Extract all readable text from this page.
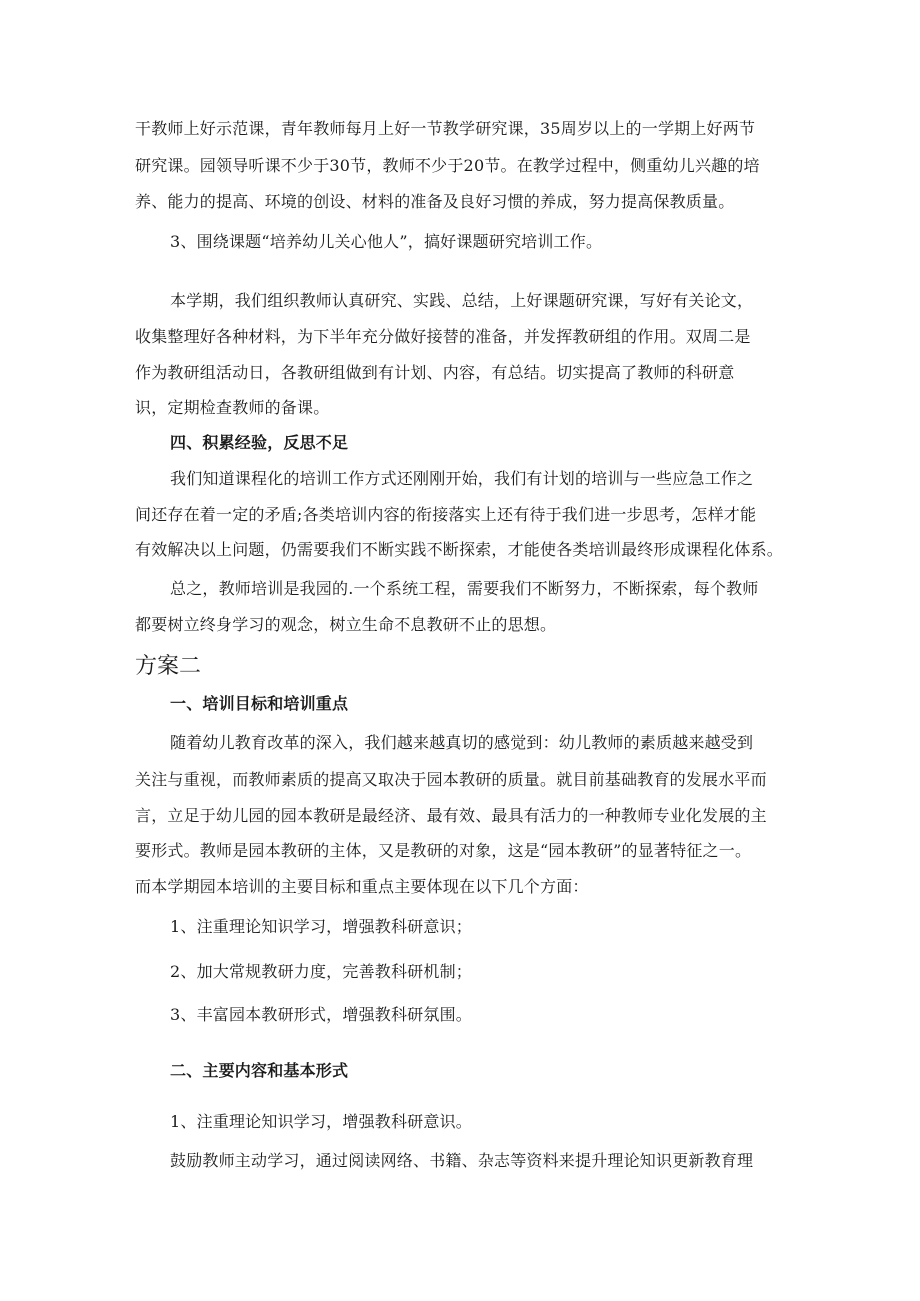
干教师上好示范课，青年教师每月上好一节教学研究课，35周岁以上的一学期上好两节
研究课。园领导听课不少于30节，教师不少于20节。在教学过程中，侧重幼儿兴趣的培
养、能力的提高、环境的创设、材料的准备及良好习惯的养成，努力提高保教质量。
3、围绕课题“培养幼儿关心他人”，搞好课题研究培训工作。
本学期，我们组织教师认真研究、实践、总结，上好课题研究课，写好有关论文，
收集整理好各种材料，为下半年充分做好接替的准备，并发挥教研组的作用。双周二是
作为教研组活动日，各教研组做到有计划、内容，有总结。切实提高了教师的科研意
识，定期检查教师的备课。
四、积累经验，反思不足
我们知道课程化的培训工作方式还刚刚开始，我们有计划的培训与一些应急工作之
间还存在着一定的矛盾;各类培训内容的衔接落实上还有待于我们进一步思考，怎样才能
有效解决以上问题，仍需要我们不断实践不断探索，才能使各类培训最终形成课程化体系。
总之，教师培训是我园的.一个系统工程，需要我们不断努力，不断探索，每个教师
都要树立终身学习的观念，树立生命不息教研不止的思想。
方案二
一、培训目标和培训重点
随着幼儿教育改革的深入，我们越来越真切的感觉到：幼儿教师的素质越来越受到
关注与重视，而教师素质的提高又取决于园本教研的质量。就目前基础教育的发展水平而
言，立足于幼儿园的园本教研是最经济、最有效、最具有活力的一种教师专业化发展的主
要形式。教师是园本教研的主体，又是教研的对象，这是“园本教研”的显著特征之一。
而本学期园本培训的主要目标和重点主要体现在以下几个方面：
1、注重理论知识学习，增强教科研意识；
2、加大常规教研力度，完善教科研机制；
3、丰富园本教研形式，增强教科研氛围。
二、主要内容和基本形式
1、注重理论知识学习，增强教科研意识。
鼓励教师主动学习，通过阅读网络、书籍、杂志等资料来提升理论知识更新教育理
